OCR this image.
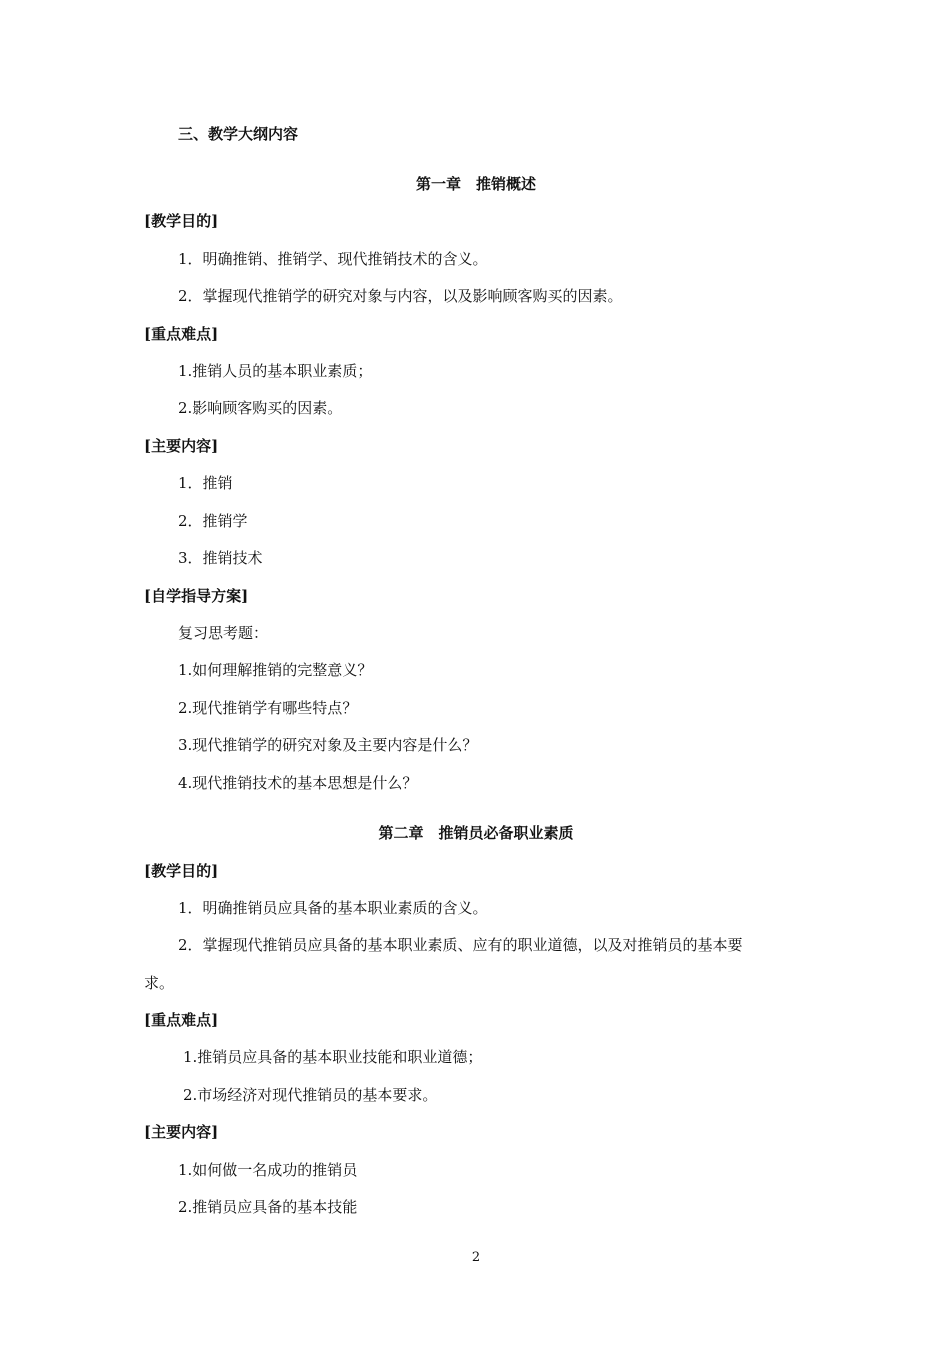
三、教学大纲内容
第一章　推销概述
[教学目的]
1．明确推销、推销学、现代推销技术的含义。
2．掌握现代推销学的研究对象与内容，以及影响顾客购买的因素。
[重点难点]
1.推销人员的基本职业素质；
2.影响顾客购买的因素。
[主要内容]
1．推销
2．推销学
3．推销技术
[自学指导方案]
复习思考题：
1.如何理解推销的完整意义？
2.现代推销学有哪些特点？
3.现代推销学的研究对象及主要内容是什么？
4.现代推销技术的基本思想是什么？
第二章　推销员必备职业素质
[教学目的]
1．明确推销员应具备的基本职业素质的含义。
2．掌握现代推销员应具备的基本职业素质、应有的职业道德，以及对推销员的基本要
求。
[重点难点]
1.推销员应具备的基本职业技能和职业道德；
2.市场经济对现代推销员的基本要求。
[主要内容]
1.如何做一名成功的推销员
2.推销员应具备的基本技能
2
